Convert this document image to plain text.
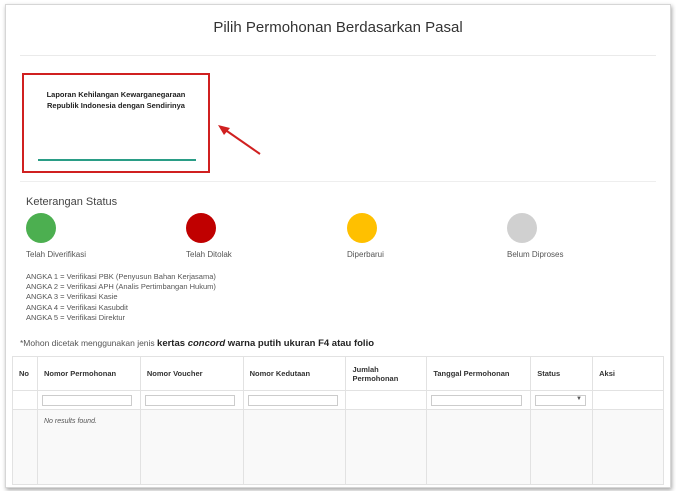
Pilih Permohonan Berdasarkan Pasal
Laporan Kehilangan Kewarganegaraan Republik Indonesia dengan Sendirinya
Keterangan Status
Telah Diverifikasi	Telah Ditolak	Diperbarui	Belum Diproses
ANGKA 1 = Verifikasi PBK (Penyusun Bahan Kerjasama)
ANGKA 2 = Verifikasi APH (Analis Pertimbangan Hukum)
ANGKA 3 = Verifikasi Kasie
ANGKA 4 = Verifikasi Kasubdit
ANGKA 5 = Verifikasi Direktur
*Mohon dicetak menggunakan jenis kertas concord warna putih ukuran F4 atau folio
No	Nomor Permohonan	Nomor Voucher	Nomor Kedutaan	Jumlah Permohonan	Tanggal Permohonan	Status	Aksi

						▼	

	No results found.						
